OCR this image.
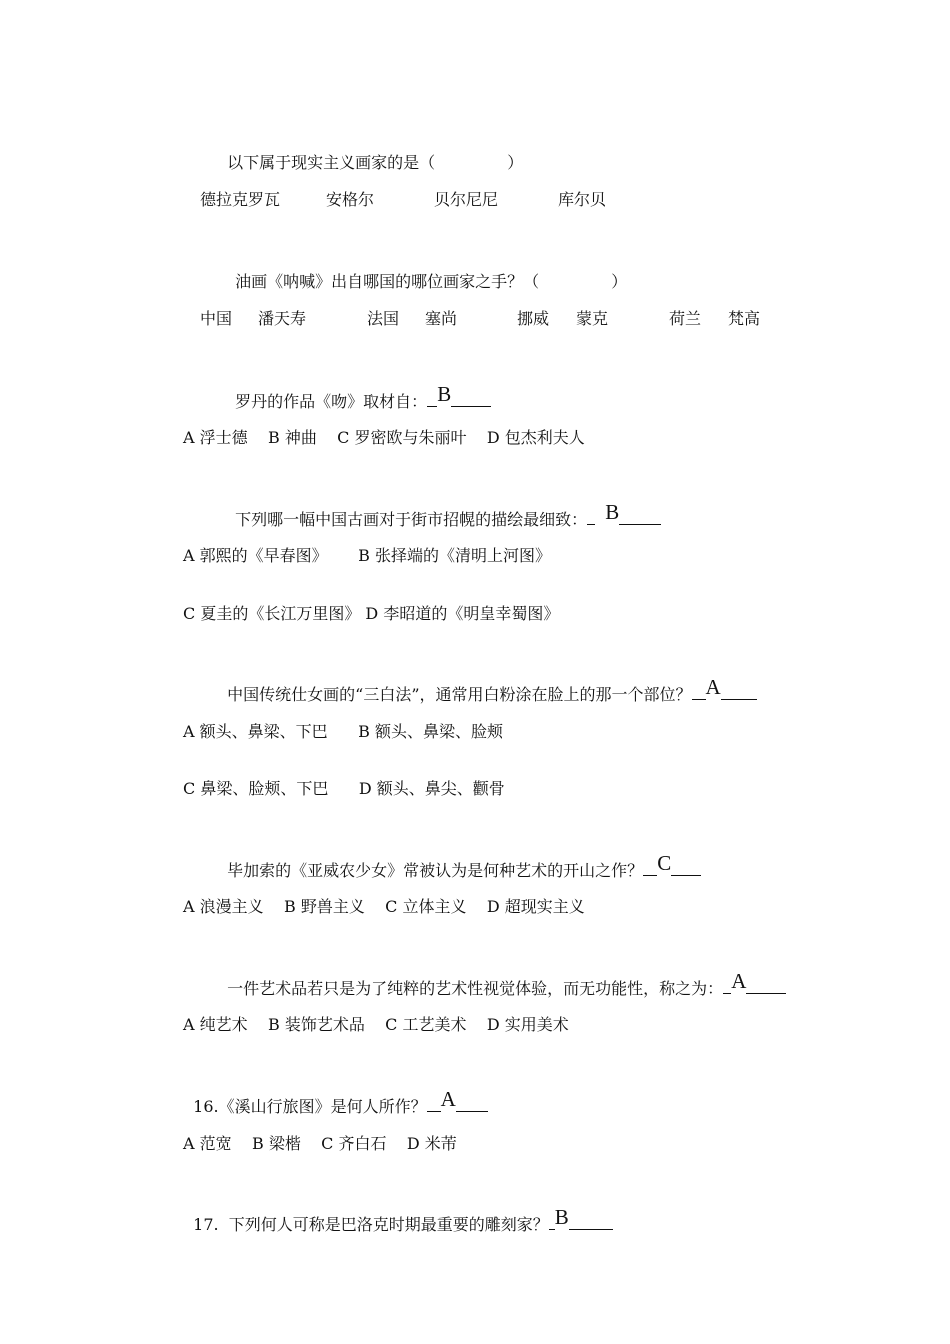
以下属于现实主义画家的是（	）

德拉克罗瓦	安格尔	贝尔尼尼	库尔贝

油画《呐喊》出自哪国的哪位画家之手？（	）

中国 潘天寿	法国 塞尚	挪威 蒙克	荷兰 梵高

罗丹的作品《吻》取材自： B

A 浮士德    B 神曲    C 罗密欧与朱丽叶    D 包杰利夫人

下列哪一幅中国古画对于街市招幌的描绘最细致： B

A 郭熙的《早春图》      B 张择端的《清明上河图》
C 夏圭的《长江万里图》 D 李昭道的《明皇幸蜀图》

中国传统仕女画的“三白法”，通常用白粉涂在脸上的那一个部位？ A

A 额头、鼻梁、下巴      B 额头、鼻梁、脸颊
C 鼻梁、脸颊、下巴      D 额头、鼻尖、颧骨

毕加索的《亚威农少女》常被认为是何种艺术的开山之作？ C

A 浪漫主义    B 野兽主义    C 立体主义    D 超现实主义

一件艺术品若只是为了纯粹的艺术性视觉体验，而无功能性，称之为： A

A 纯艺术    B 装饰艺术品    C 工艺美术    D 实用美术

16.《溪山行旅图》是何人所作？ A

A 范宽    B 梁楷    C 齐白石    D 米芾

17.  下列何人可称是巴洛克时期最重要的雕刻家？ B
